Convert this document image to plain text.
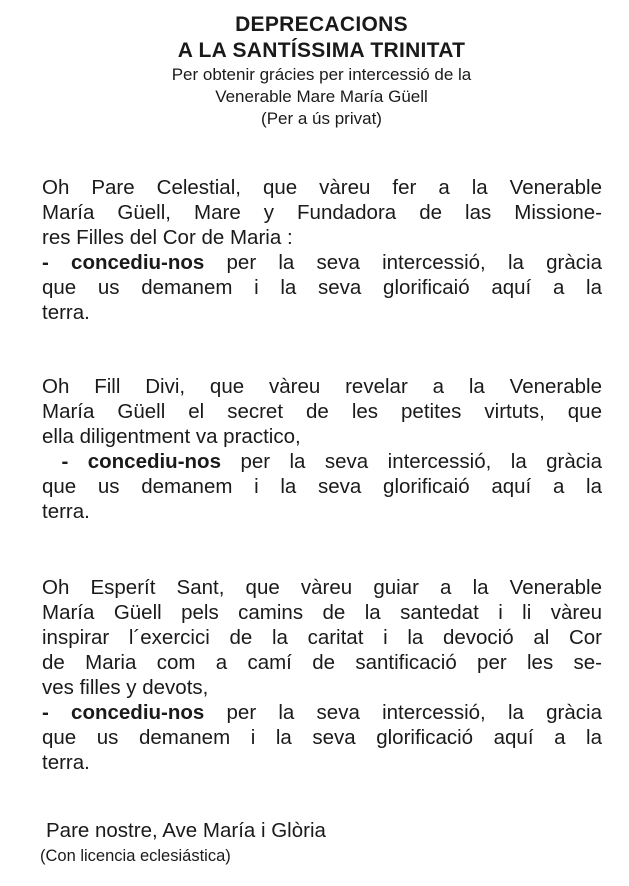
DEPRECACIONS
A LA SANTÍSSIMA TRINITAT
Per obtenir grácies per intercessió de la
Venerable Mare María Güell
(Per a ús privat)
Oh Pare Celestial, que vàreu fer a la Venerable
María Güell, Mare y Fundadora de las Missione-
res Filles del Cor de Maria :
- concediu-nos per la seva intercessió, la gràcia
que us demanem i la seva glorificaió aquí a la
terra.
Oh Fill Divi, que vàreu revelar a la Venerable
María Güell el secret de les petites virtuts, que
ella diligentment va practico,
- concediu-nos per la seva intercessió, la gràcia
que us demanem i la seva glorificaió aquí a la
terra.
Oh Esperít Sant, que vàreu guiar a la Venerable
María Güell pels camins de la santedat i li vàreu
inspirar l´exercici de la caritat i la devoció al Cor
de Maria com a camí de santificació per les se-
ves filles y devots,
- concediu-nos per la seva intercessió, la gràcia
que us demanem i la seva glorificació aquí a la
terra.
Pare nostre, Ave María i Glòria
(Con licencia eclesiástica)
